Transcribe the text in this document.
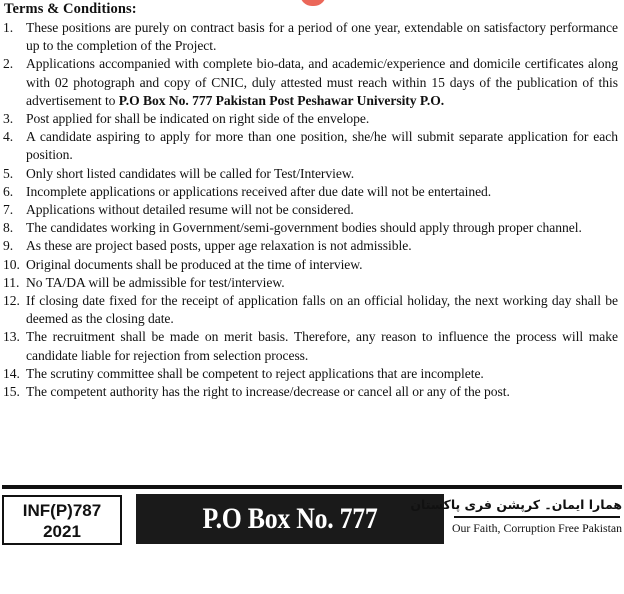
Terms & Conditions:
1. These positions are purely on contract basis for a period of one year, extendable on satisfactory performance up to the completion of the Project.
2. Applications accompanied with complete bio-data, and academic/experience and domicile certificates along with 02 photograph and copy of CNIC, duly attested must reach within 15 days of the publication of this advertisement to P.O Box No. 777 Pakistan Post Peshawar University P.O.
3. Post applied for shall be indicated on right side of the envelope.
4. A candidate aspiring to apply for more than one position, she/he will submit separate application for each position.
5. Only short listed candidates will be called for Test/Interview.
6. Incomplete applications or applications received after due date will not be entertained.
7. Applications without detailed resume will not be considered.
8. The candidates working in Government/semi-government bodies should apply through proper channel.
9. As these are project based posts, upper age relaxation is not admissible.
10. Original documents shall be produced at the time of interview.
11. No TA/DA will be admissible for test/interview.
12. If closing date fixed for the receipt of application falls on an official holiday, the next working day shall be deemed as the closing date.
13. The recruitment shall be made on merit basis. Therefore, any reason to influence the process will make candidate liable for rejection from selection process.
14. The scrutiny committee shall be competent to reject applications that are incomplete.
15. The competent authority has the right to increase/decrease or cancel all or any of the post.
INF(P)787
2021	P.O Box No. 777 Peshawar
ھمارا ایمان۔ کرپشن فری پاکستان
Our Faith, Corruption Free Pakistan
